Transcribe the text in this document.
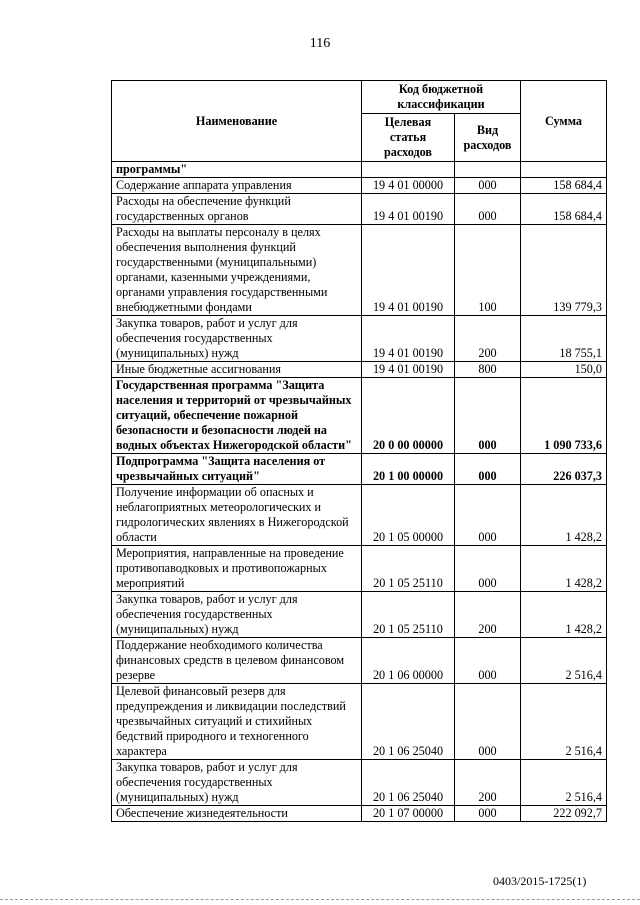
116
Наименование	Код бюджетной классификации		Сумма
	Целевая статья расходов	Вид расходов	
программы"			
Содержание аппарата управления	19 4 01 00000	000	158 684,4
Расходы на обеспечение функций государственных органов	19 4 01 00190	000	158 684,4
Расходы на выплаты персоналу в целях обеспечения выполнения функций государственными (муниципальными) органами, казенными учреждениями, органами управления государственными внебюджетными фондами	19 4 01 00190	100	139 779,3
Закупка товаров, работ и услуг для обеспечения государственных (муниципальных) нужд	19 4 01 00190	200	18 755,1
Иные бюджетные ассигнования	19 4 01 00190	800	150,0
Государственная программа "Защита населения и территорий от чрезвычайных ситуаций, обеспечение пожарной безопасности и безопасности людей на водных объектах Нижегородской области"	20 0 00 00000	000	1 090 733,6
Подпрограмма "Защита населения от чрезвычайных ситуаций"	20 1 00 00000	000	226 037,3
Получение информации об опасных и неблагоприятных метеорологических и гидрологических явлениях в Нижегородской области	20 1 05 00000	000	1 428,2
Мероприятия, направленные на проведение противопаводковых и противопожарных мероприятий	20 1 05 25110	000	1 428,2
Закупка товаров, работ и услуг для обеспечения государственных (муниципальных) нужд	20 1 05 25110	200	1 428,2
Поддержание необходимого количества финансовых средств в целевом финансовом резерве	20 1 06 00000	000	2 516,4
Целевой финансовый резерв для предупреждения и ликвидации последствий чрезвычайных ситуаций и стихийных бедствий природного и техногенного характера	20 1 06 25040	000	2 516,4
Закупка товаров, работ и услуг для обеспечения государственных (муниципальных) нужд	20 1 06 25040	200	2 516,4
Обеспечение жизнедеятельности	20 1 07 00000	000	222 092,7
0403/2015-1725(1)
